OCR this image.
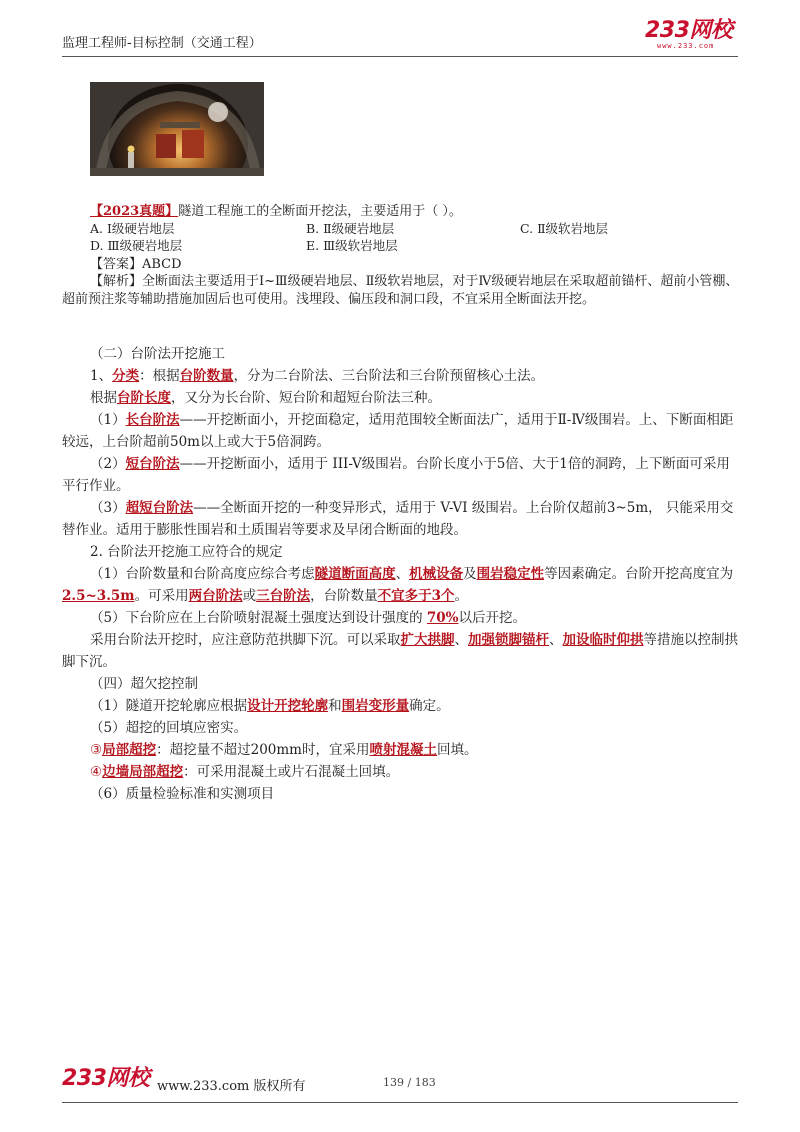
监理工程师-目标控制（交通工程）
233网校
www.233.com
【2023真题】隧道工程施工的全断面开挖法，主要适用于（ ）。
A. Ⅰ级硬岩地层	B. Ⅱ级硬岩地层	C. Ⅱ级软岩地层
D. Ⅲ级硬岩地层	E. Ⅲ级软岩地层
【答案】ABCD
【解析】全断面法主要适用于Ⅰ~Ⅲ级硬岩地层、Ⅱ级软岩地层，对于Ⅳ级硬岩地层在采取超前锚杆、超前小管棚、超前预注浆等辅助措施加固后也可使用。浅埋段、偏压段和洞口段，不宜采用全断面法开挖。
（二）台阶法开挖施工
1、分类：根据台阶数量，分为二台阶法、三台阶法和三台阶预留核心土法。
根据台阶长度，又分为长台阶、短台阶和超短台阶法三种。
（1）长台阶法——开挖断面小，开挖面稳定，适用范围较全断面法广，适用于Ⅱ-Ⅳ级围岩。上、下断面相距较远，上台阶超前50m以上或大于5倍洞跨。
（2）短台阶法——开挖断面小，适用于 III-V级围岩。台阶长度小于5倍、大于1倍的洞跨，上下断面可采用平行作业。
（3）超短台阶法——全断面开挖的一种变异形式，适用于 V-VI 级围岩。上台阶仅超前3~5m， 只能采用交替作业。适用于膨胀性围岩和土质围岩等要求及早闭合断面的地段。
2. 台阶法开挖施工应符合的规定
（1）台阶数量和台阶高度应综合考虑隧道断面高度、机械设备及围岩稳定性等因素确定。台阶开挖高度宜为2.5~3.5m。可采用两台阶法或三台阶法，台阶数量不宜多于3个。
（5）下台阶应在上台阶喷射混凝土强度达到设计强度的 70%以后开挖。
采用台阶法开挖时，应注意防范拱脚下沉。可以采取扩大拱脚、加强锁脚锚杆、加设临时仰拱等措施以控制拱脚下沉。
（四）超欠挖控制
（1）隧道开挖轮廓应根据设计开挖轮廓和围岩变形量确定。
（5）超挖的回填应密实。
③局部超挖：超挖量不超过200mm时，宜采用喷射混凝土回填。
④边墙局部超挖：可采用混凝土或片石混凝土回填。
（6）质量检验标准和实测项目
233网校 www.233.com 版权所有	139 / 183
